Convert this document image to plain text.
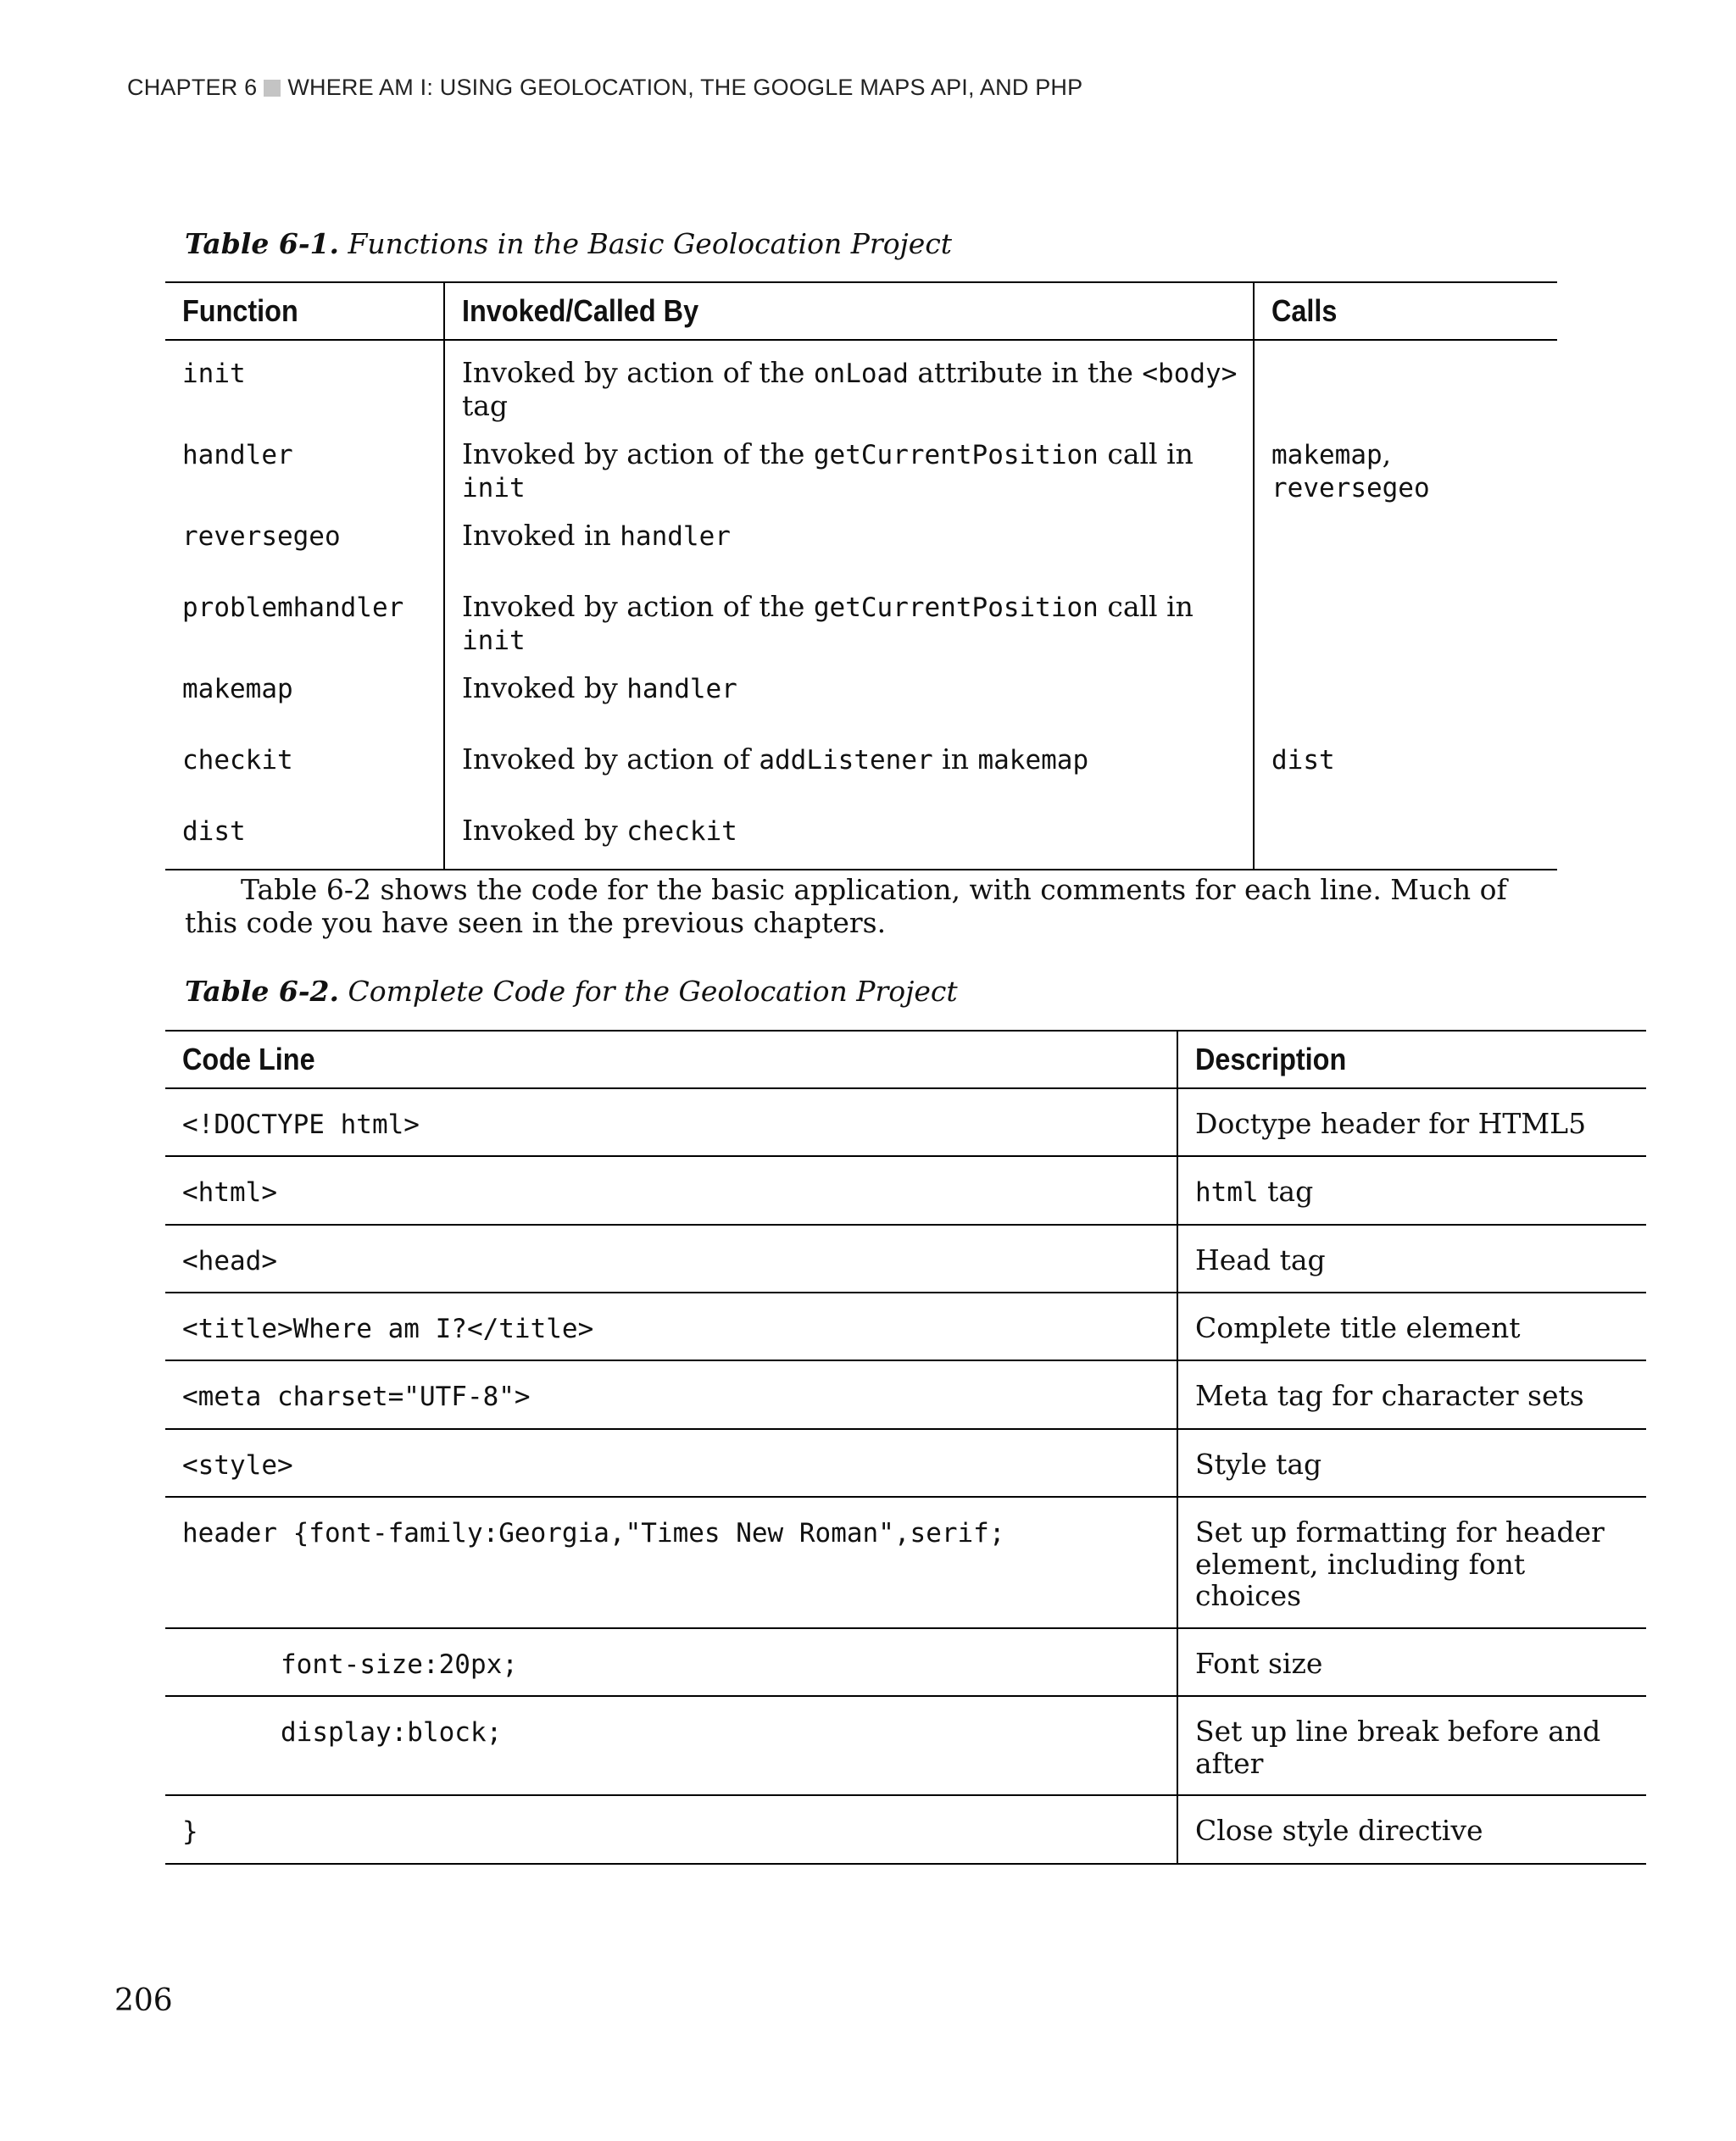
CHAPTER 6 WHERE AM I: USING GEOLOCATION, THE GOOGLE MAPS API, AND PHP
Table 6-1. Functions in the Basic Geolocation Project
Function	Invoked/Called By	Calls
init	Invoked by action of the onLoad attribute in the <body> tag	
handler	Invoked by action of the getCurrentPosition call in init	makemap, reversegeo
reversegeo	Invoked in handler	
problemhandler	Invoked by action of the getCurrentPosition call in init	
makemap	Invoked by handler	
checkit	Invoked by action of addListener in makemap	dist
dist	Invoked by checkit	
Table 6-2 shows the code for the basic application, with comments for each line. Much of this code you have seen in the previous chapters.
Table 6-2. Complete Code for the Geolocation Project
Code Line	Description
<!DOCTYPE html>	Doctype header for HTML5
<html>	html tag
<head>	Head tag
<title>Where am I?</title>	Complete title element
<meta charset="UTF-8">	Meta tag for character sets
<style>	Style tag
header {font-family:Georgia,"Times New Roman",serif;	Set up formatting for header element, including font choices
font-size:20px;	Font size
display:block;	Set up line break before and after
}	Close style directive
206
